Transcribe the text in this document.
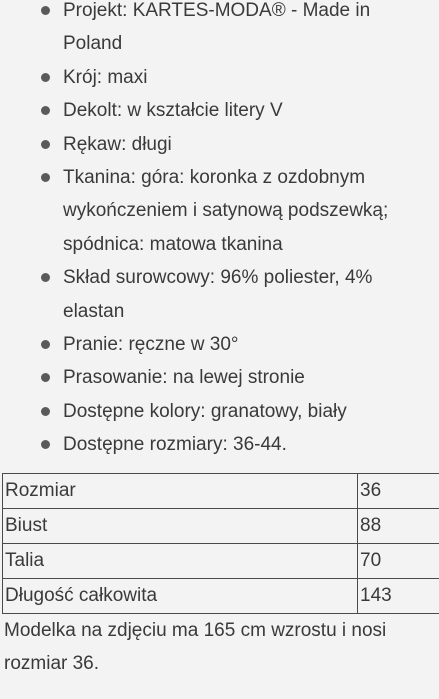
Projekt: KARTES-MODA® - Made in Poland
Krój: maxi
Dekolt: w kształcie litery V
Rękaw: długi
Tkanina: góra: koronka z ozdobnym wykończeniem i satynową podszewką; spódnica: matowa tkanina
Skład surowcowy: 96% poliester, 4% elastan
Pranie: ręczne w 30°
Prasowanie: na lewej stronie
Dostępne kolory: granatowy, biały
Dostępne rozmiary: 36-44.
Rozmiar	36
Biust	88
Talia	70
Długość całkowita	143

Modelka na zdjęciu ma 165 cm wzrostu i nosi rozmiar 36.
